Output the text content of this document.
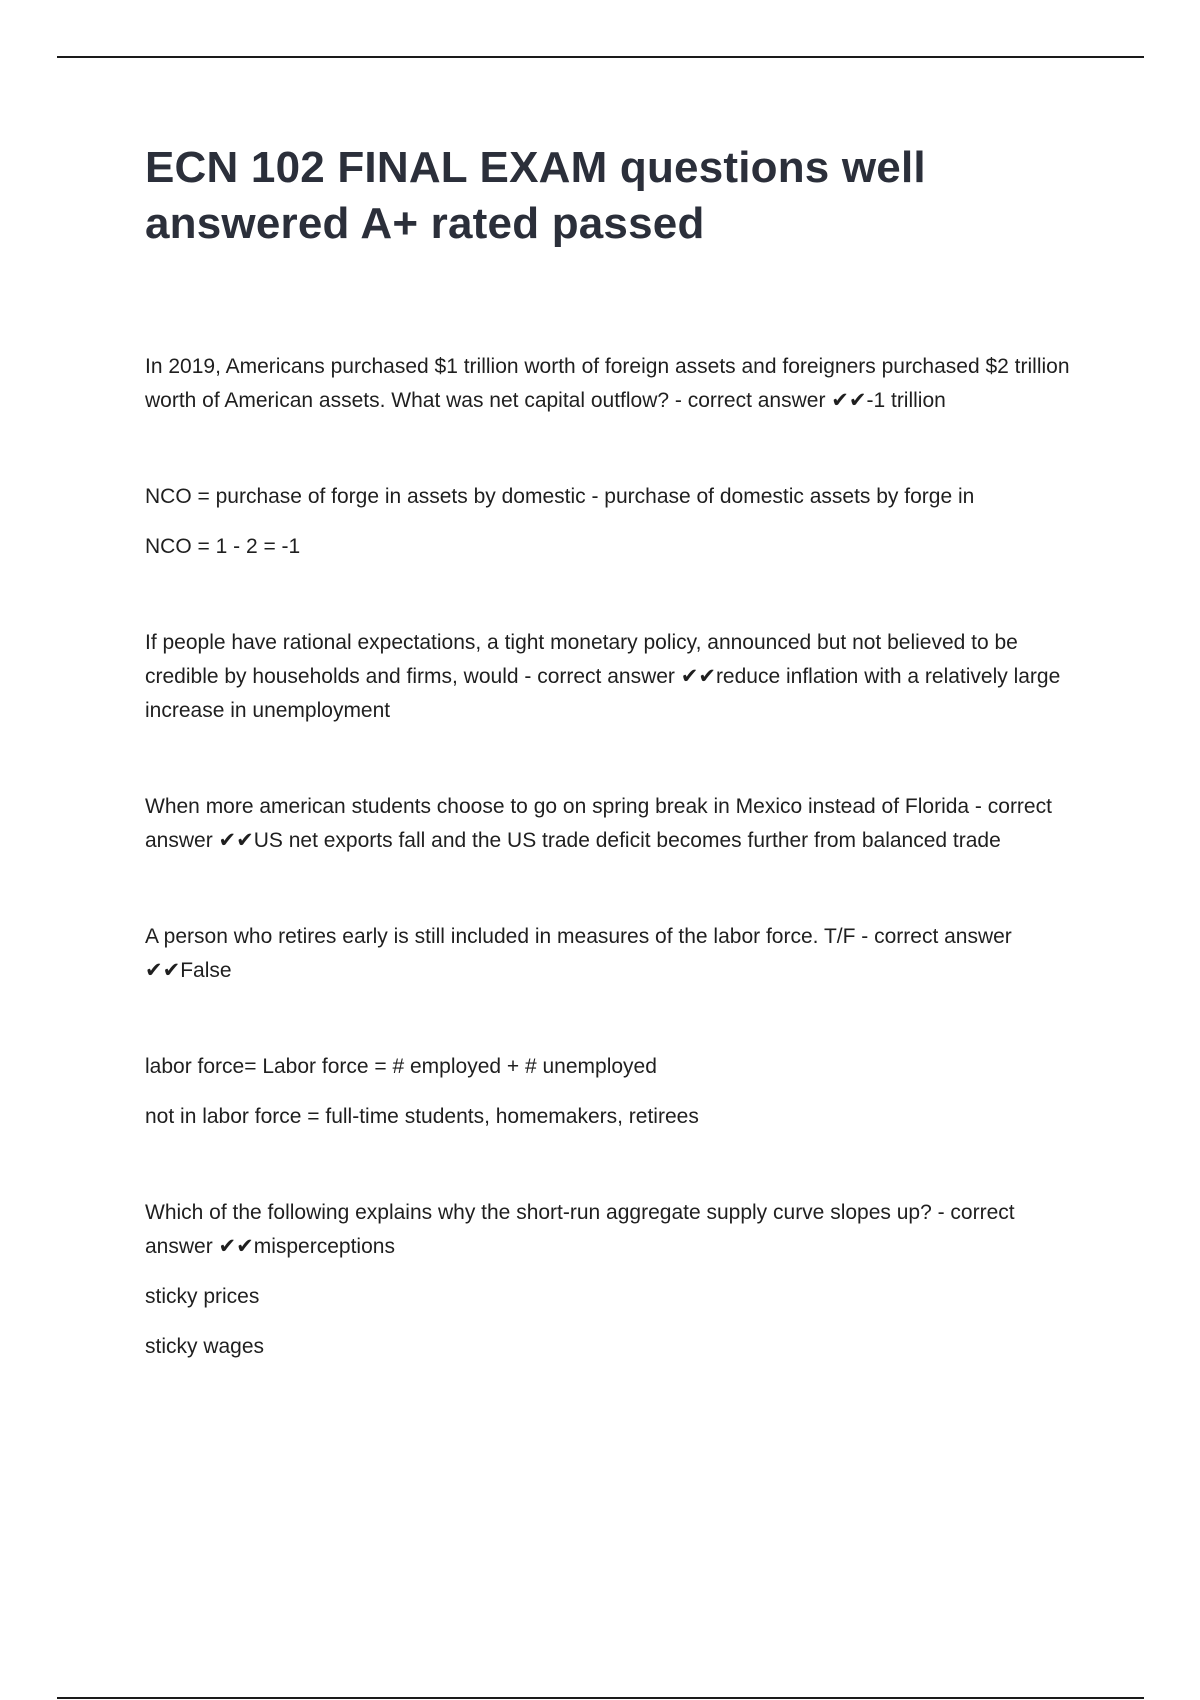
ECN 102 FINAL EXAM questions well answered A+ rated passed

In 2019, Americans purchased $1 trillion worth of foreign assets and foreigners purchased $2 trillion worth of American assets. What was net capital outflow? - correct answer ✔✔-1 trillion

NCO = purchase of forge in assets by domestic - purchase of domestic assets by forge in

NCO = 1 - 2 = -1

If people have rational expectations, a tight monetary policy, announced but not believed to be credible by households and firms, would - correct answer ✔✔reduce inflation with a relatively large increase in unemployment

When more american students choose to go on spring break in Mexico instead of Florida - correct answer ✔✔US net exports fall and the US trade deficit becomes further from balanced trade

A person who retires early is still included in measures of the labor force. T/F - correct answer ✔✔False

labor force= Labor force = # employed + # unemployed

not in labor force = full-time students, homemakers, retirees

Which of the following explains why the short-run aggregate supply curve slopes up? - correct answer ✔✔misperceptions

sticky prices

sticky wages
